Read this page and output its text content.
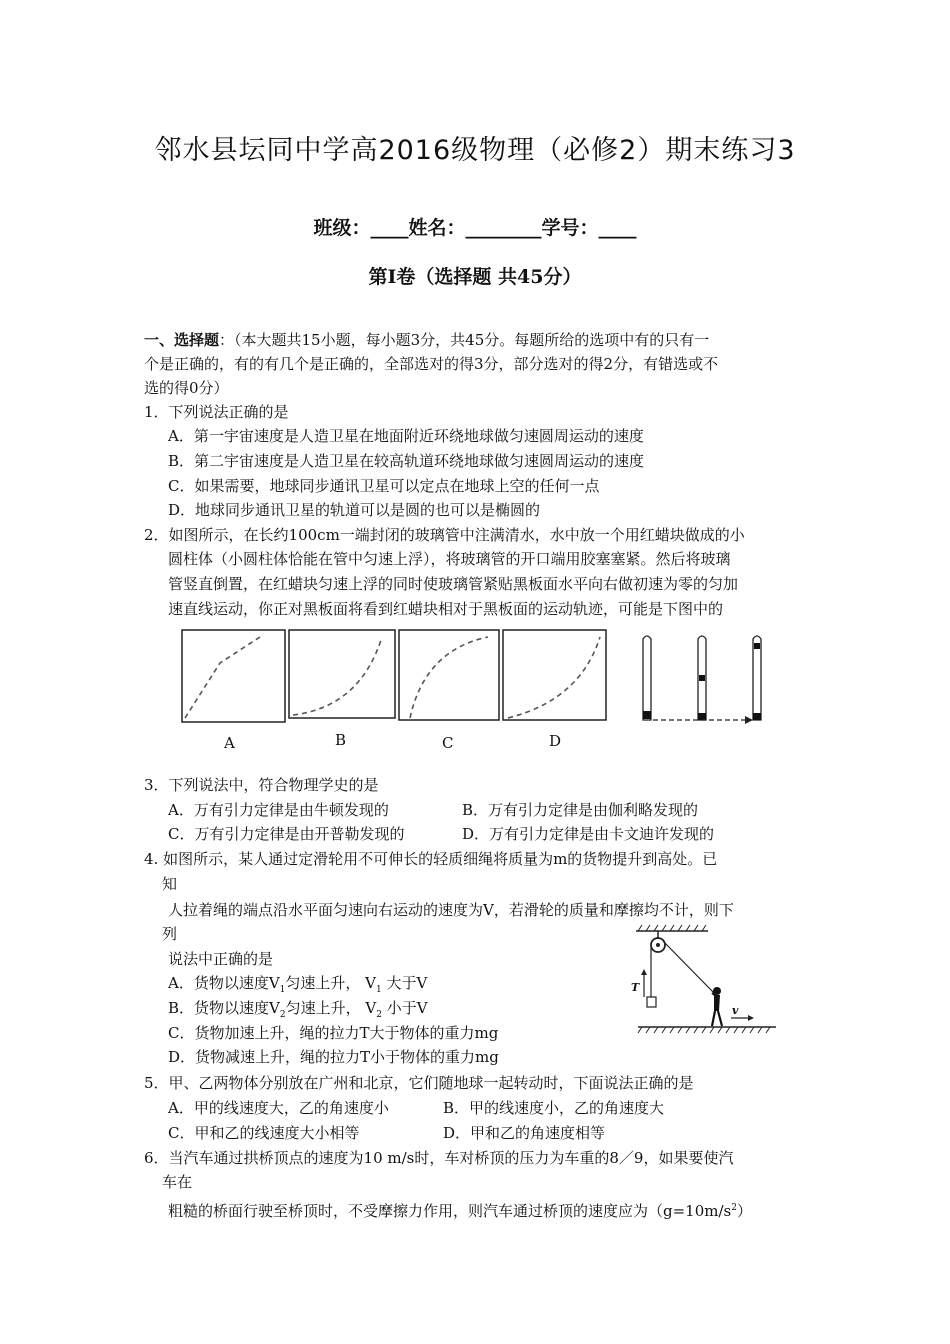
邻水县坛同中学高2016级物理（必修2）期末练习3
班级：____姓名：________学号：____
第Ⅰ卷（选择题 共45分）
一、选择题：（本大题共15小题，每小题3分，共45分。每题所给的选项中有的只有一
个是正确的，有的有几个是正确的，全部选对的得3分，部分选对的得2分，有错选或不
选的得0分）
1．下列说法正确的是
A．第一宇宙速度是人造卫星在地面附近环绕地球做匀速圆周运动的速度
B．第二宇宙速度是人造卫星在较高轨道环绕地球做匀速圆周运动的速度
C．如果需要，地球同步通讯卫星可以定点在地球上空的任何一点
D．地球同步通讯卫星的轨道可以是圆的也可以是椭圆的
2．如图所示，在长约100cm一端封闭的玻璃管中注满清水，水中放一个用红蜡块做成的小
圆柱体（小圆柱体恰能在管中匀速上浮），将玻璃管的开口端用胶塞塞紧。然后将玻璃
管竖直倒置，在红蜡块匀速上浮的同时使玻璃管紧贴黑板面水平向右做初速为零的匀加
速直线运动，你正对黑板面将看到红蜡块相对于黑板面的运动轨迹，可能是下图中的
A	B	C	D
3．下列说法中，符合物理学史的是
A．万有引力定律是由牛顿发现的	B．万有引力定律是由伽利略发现的
C．万有引力定律是由开普勒发现的	D．万有引力定律是由卡文迪许发现的
4. 如图所示，某人通过定滑轮用不可伸长的轻质细绳将质量为m的货物提升到高处。已
知
人拉着绳的端点沿水平面匀速向右运动的速度为V，若滑轮的质量和摩擦均不计，则下
列
说法中正确的是
A．货物以速度$V_1$匀速上升， $V_1$ 大于V
B．货物以速度$V_2$匀速上升， $V_2$ 小于V
C．货物加速上升，绳的拉力T大于物体的重力mg
D．货物减速上升，绳的拉力T小于物体的重力mg
T
v
5．甲、乙两物体分别放在广州和北京，它们随地球一起转动时，下面说法正确的是
A．甲的线速度大，乙的角速度小	B．甲的线速度小，乙的角速度大
C．甲和乙的线速度大小相等	D．甲和乙的角速度相等
6．当汽车通过拱桥顶点的速度为10 m/s时，车对桥顶的压力为车重的8／9，如果要使汽
车在
粗糙的桥面行驶至桥顶时，不受摩擦力作用，则汽车通过桥顶的速度应为$(g=10m/s^2)$
